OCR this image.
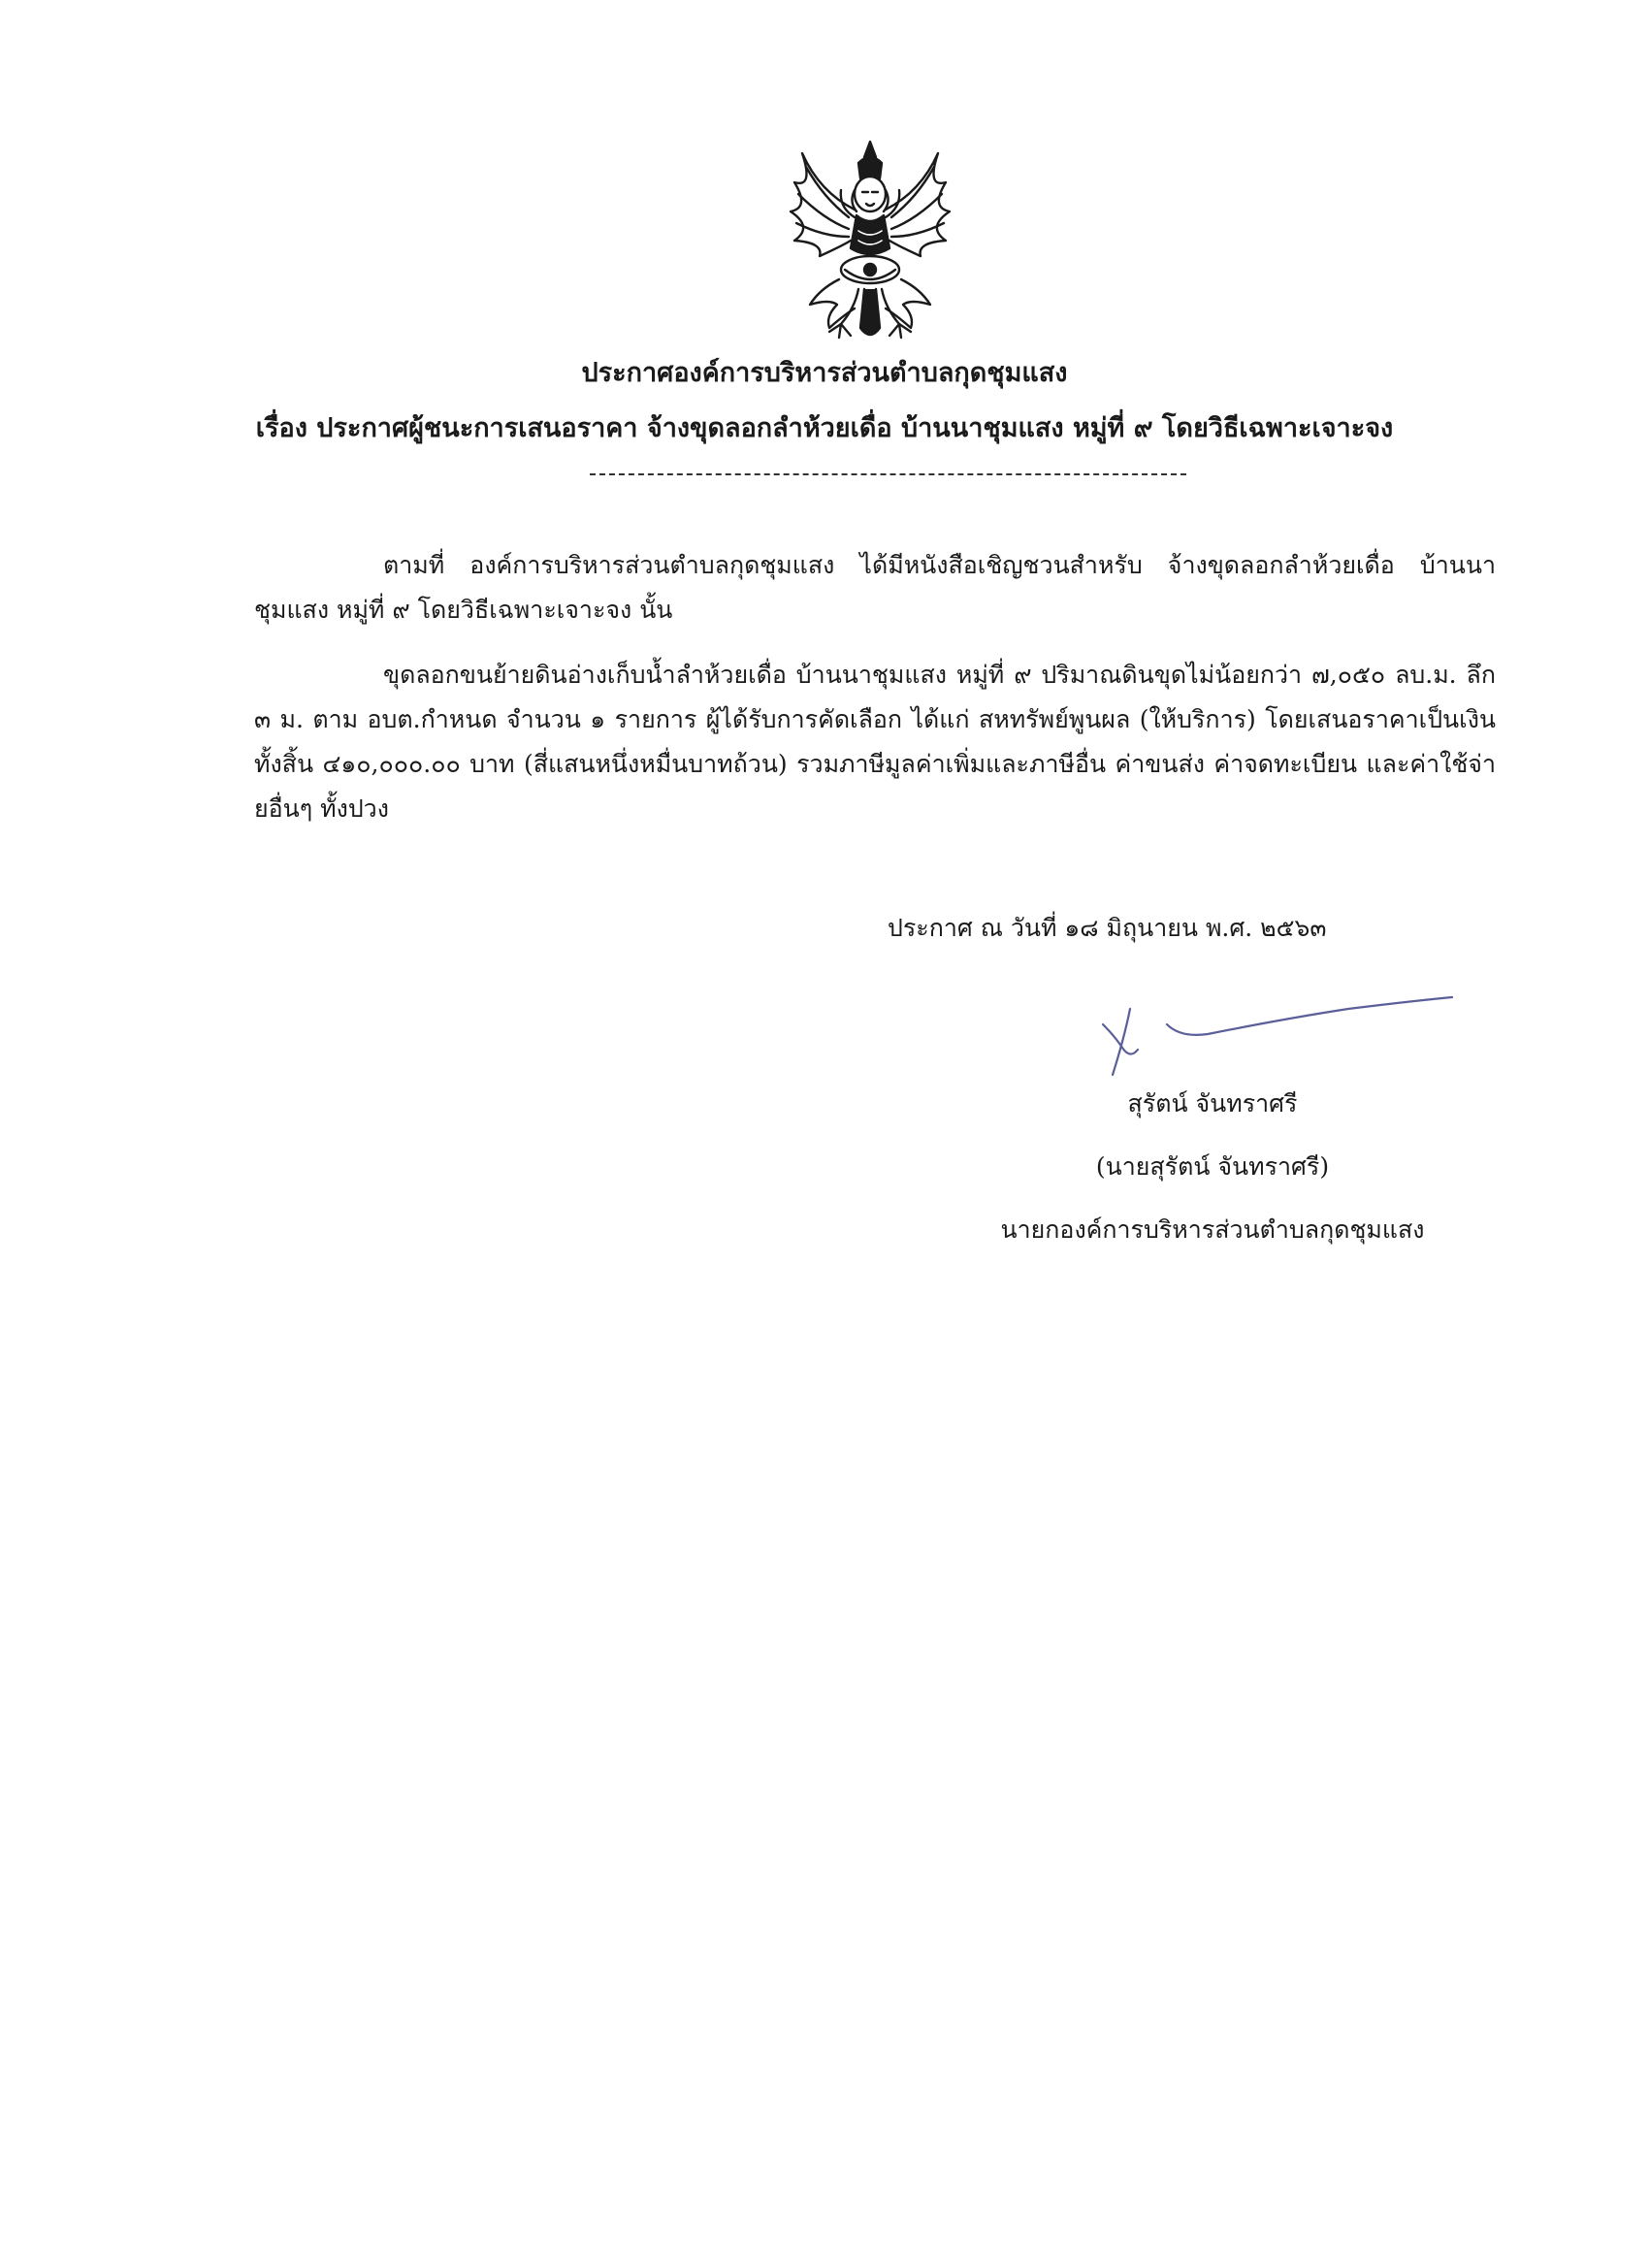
ประกาศองค์การบริหารส่วนตำบลกุดชุมแสง
เรื่อง ประกาศผู้ชนะการเสนอราคา จ้างขุดลอกลำห้วยเดื่อ บ้านนาชุมแสง หมู่ที่ ๙ โดยวิธีเฉพาะเจาะจง

ตามที่ องค์การบริหารส่วนตำบลกุดชุมแสง ได้มีหนังสือเชิญชวนสำหรับ จ้างขุดลอกลำห้วยเดื่อ บ้านนาชุมแสง หมู่ที่ ๙ โดยวิธีเฉพาะเจาะจง นั้น

ขุดลอกขนย้ายดินอ่างเก็บน้ำลำห้วยเดื่อ บ้านนาชุมแสง หมู่ที่ ๙ ปริมาณดินขุดไม่น้อยกว่า ๗,๐๕๐ ลบ.ม. ลึก ๓ ม. ตาม อบต.กำหนด จำนวน ๑ รายการ ผู้ได้รับการคัดเลือก ได้แก่ สหทรัพย์พูนผล (ให้บริการ) โดยเสนอราคาเป็นเงินทั้งสิ้น ๔๑๐,๐๐๐.๐๐ บาท (สี่แสนหนึ่งหมื่นบาทถ้วน) รวมภาษีมูลค่าเพิ่มและภาษีอื่น ค่าขนส่ง ค่าจดทะเบียน และค่าใช้จ่ายอื่นๆ ทั้งปวง

ประกาศ ณ วันที่ ๑๘ มิถุนายน พ.ศ. ๒๕๖๓
สุรัตน์ จันทราศรี
(นายสุรัตน์ จันทราศรี)
นายกองค์การบริหารส่วนตำบลกุดชุมแสง
